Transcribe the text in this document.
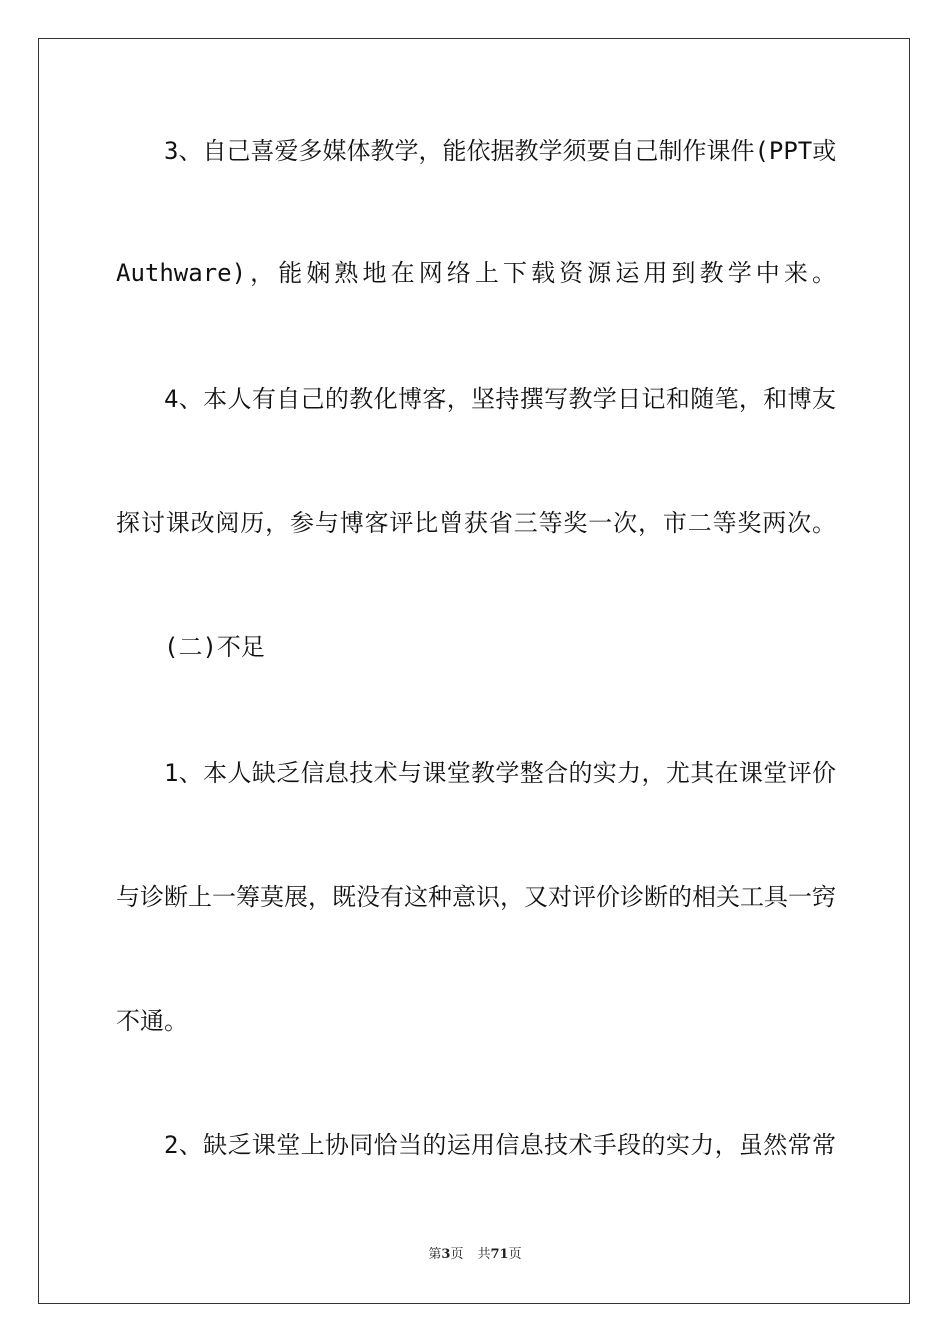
3、自己喜爱多媒体教学，能依据教学须要自己制作课件(PPT或
Authware)，能娴熟地在网络上下载资源运用到教学中来。
4、本人有自己的教化博客，坚持撰写教学日记和随笔，和博友
探讨课改阅历，参与博客评比曾获省三等奖一次，市二等奖两次。
(二)不足
1、本人缺乏信息技术与课堂教学整合的实力，尤其在课堂评价
与诊断上一筹莫展，既没有这种意识，又对评价诊断的相关工具一窍
不通。
2、缺乏课堂上协同恰当的运用信息技术手段的实力，虽然常常
第3页 共71页
